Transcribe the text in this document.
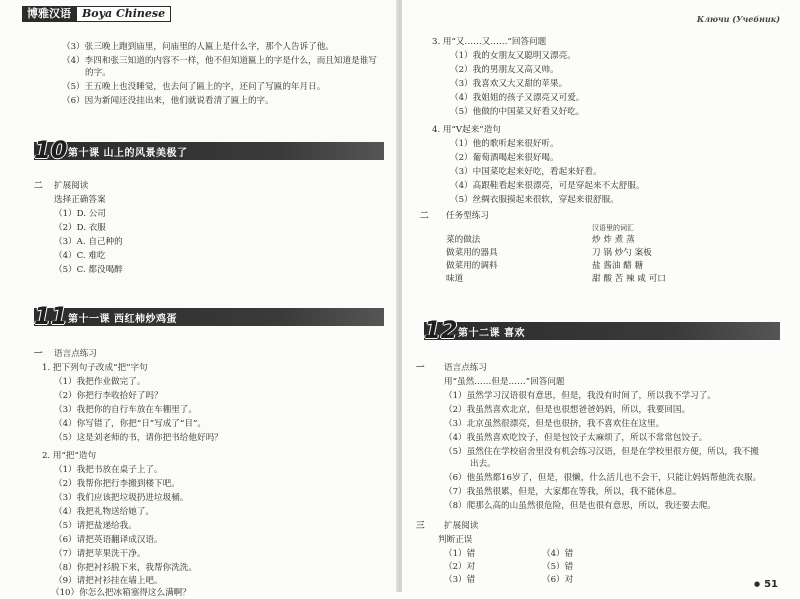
博雅汉语	Boya Chinese
（3）张三晚上跑到庙里，问庙里的人匾上是什么字，那个人告诉了他。
（4）李四和张三知道的内容不一样，他不但知道匾上的字是什么，而且知道是谁写
的字。
（5）王五晚上也没睡觉，也去问了匾上的字，还问了写匾的年月日。
（6）因为新闻还没挂出来，他们就说看清了匾上的字。
10 第十课 山上的风景美极了
二 扩展阅读
选择正确答案
（1）D. 公司
（2）D. 衣服
（3）A. 自己种的
（4）C. 难吃
（5）C. 都没喝醉
11 第十一课 西红柿炒鸡蛋
一 语言点练习
1. 把下列句子改成“把”字句
（1）我把作业做完了。
（2）你把行李收拾好了吗？
（3）我把你的自行车放在车棚里了。
（4）你写错了，你把“日”写成了“目”。
（5）这是刘老师的书，请你把书给他好吗？
2. 用“把”造句
（1）我把书放在桌子上了。
（2）我帮你把行李搬到楼下吧。
（3）我们应该把垃圾扔进垃圾桶。
（4）我把礼物送给她了。
（5）请把盐递给我。
（6）请把英语翻译成汉语。
（7）请把苹果洗干净。
（8）你把衬衫脱下来，我帮你洗洗。
（9）请把衬衫挂在墙上吧。
（10）你怎么把冰箱塞得这么满啊？
Ключи (Учебник)
3. 用“又……又……”回答问题
（1）我的女朋友又聪明又漂亮。
（2）我的男朋友又高又帅。
（3）我喜欢又大又甜的苹果。
（4）我姐姐的孩子又漂亮又可爱。
（5）他做的中国菜又好看又好吃。
4. 用“V起来”造句
（1）他的歌听起来很好听。
（2）葡萄酒喝起来很好喝。
（3）中国菜吃起来好吃，看起来好看。
（4）高跟鞋看起来很漂亮，可是穿起来不太舒服。
（5）丝绸衣服摸起来很软，穿起来很舒服。
二 任务型练习
汉语里的词汇
菜的做法	炒 炸 煮 蒸
做菜用的器具	刀 锅 炒勺 案板
做菜用的调料	盐 酱油 醋 糖
味道	甜 酸 苦 辣 咸 可口
12 第十二课 喜欢
一 语言点练习
用“虽然……但是……”回答问题
（1）虽然学习汉语很有意思，但是，我没有时间了，所以我不学习了。
（2）我虽然喜欢北京，但是也很想爸爸妈妈，所以，我要回国。
（3）北京虽然很漂亮，但是也很挤，我不喜欢住在这里。
（4）我虽然喜欢吃饺子，但是包饺子太麻烦了，所以不常常包饺子。
（5）虽然住在学校宿舍里没有机会练习汉语，但是在学校里很方便，所以，我不搬
出去。
（6）他虽然都16岁了，但是，很懒，什么活儿也不会干，只能让妈妈帮他洗衣服。
（7）我虽然很累，但是，大家都在等我，所以，我不能休息。
（8）爬那么高的山虽然很危险，但是也很有意思，所以，我还要去爬。
三 扩展阅读
判断正误
（1）错
（2）对
（3）错
（4）错
（5）错
（6）对
●	51
